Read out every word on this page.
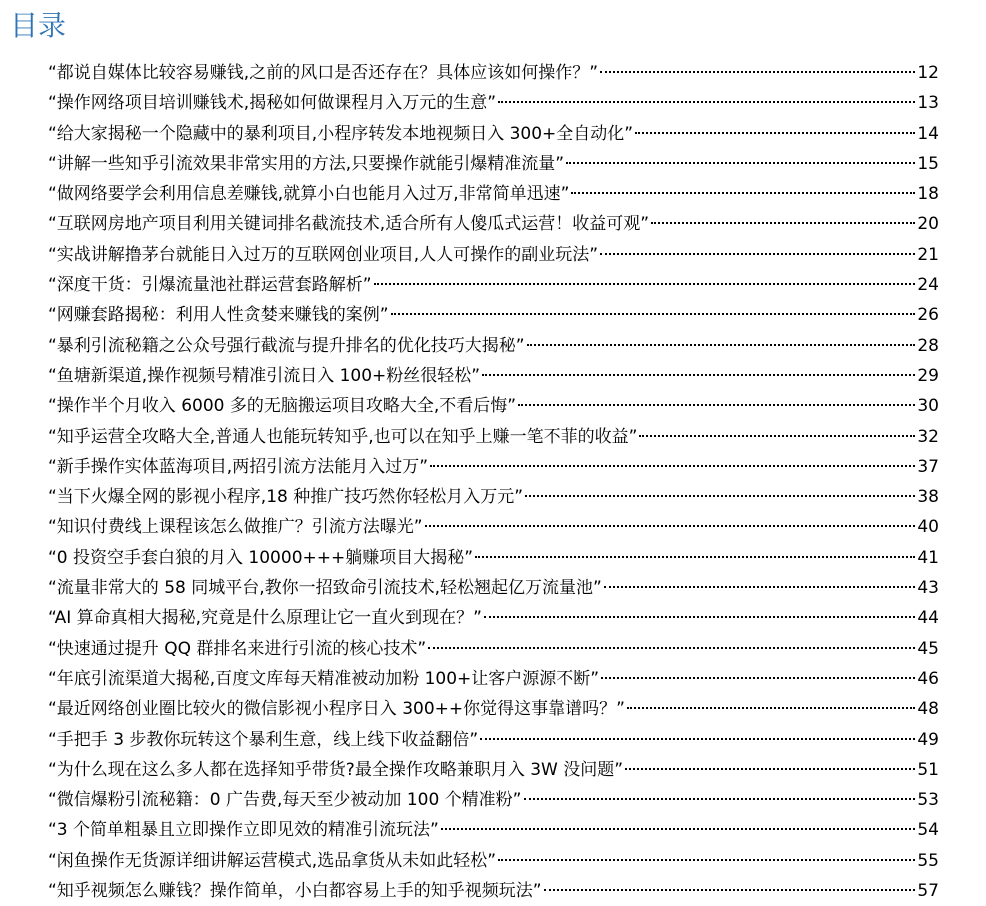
目录
“都说自媒体比较容易赚钱,之前的风口是否还存在？具体应该如何操作？”	12
“操作网络项目培训赚钱术,揭秘如何做课程月入万元的生意”	13
“给大家揭秘一个隐藏中的暴利项目,小程序转发本地视频日入 300+全自动化”	14
“讲解一些知乎引流效果非常实用的方法,只要操作就能引爆精准流量”	15
“做网络要学会利用信息差赚钱,就算小白也能月入过万,非常简单迅速”	18
“互联网房地产项目利用关键词排名截流技术,适合所有人傻瓜式运营！收益可观”	20
“实战讲解撸茅台就能日入过万的互联网创业项目,人人可操作的副业玩法”	21
“深度干货：引爆流量池社群运营套路解析”	24
“网赚套路揭秘：利用人性贪婪来赚钱的案例”	26
“暴利引流秘籍之公众号强行截流与提升排名的优化技巧大揭秘”	28
“鱼塘新渠道,操作视频号精准引流日入 100+粉丝很轻松”	29
“操作半个月收入 6000 多的无脑搬运项目攻略大全,不看后悔”	30
“知乎运营全攻略大全,普通人也能玩转知乎,也可以在知乎上赚一笔不菲的收益”	32
“新手操作实体蓝海项目,两招引流方法能月入过万”	37
“当下火爆全网的影视小程序,18 种推广技巧然你轻松月入万元”	38
“知识付费线上课程该怎么做推广？引流方法曝光”	40
“0 投资空手套白狼的月入 10000+++躺赚项目大揭秘”	41
“流量非常大的 58 同城平台,教你一招致命引流技术,轻松翘起亿万流量池”	43
“AI 算命真相大揭秘,究竟是什么原理让它一直火到现在？”	44
“快速通过提升 QQ 群排名来进行引流的核心技术”	45
“年底引流渠道大揭秘,百度文库每天精准被动加粉 100+让客户源源不断”	46
“最近网络创业圈比较火的微信影视小程序日入 300++你觉得这事靠谱吗？”	48
“手把手 3 步教你玩转这个暴利生意，线上线下收益翻倍”	49
“为什么现在这么多人都在选择知乎带货?最全操作攻略兼职月入 3W 没问题”	51
“微信爆粉引流秘籍：0 广告费,每天至少被动加 100 个精准粉”	53
“3 个简单粗暴且立即操作立即见效的精准引流玩法”	54
“闲鱼操作无货源详细讲解运营模式,选品拿货从未如此轻松”	55
“知乎视频怎么赚钱？操作简单，小白都容易上手的知乎视频玩法”	57
